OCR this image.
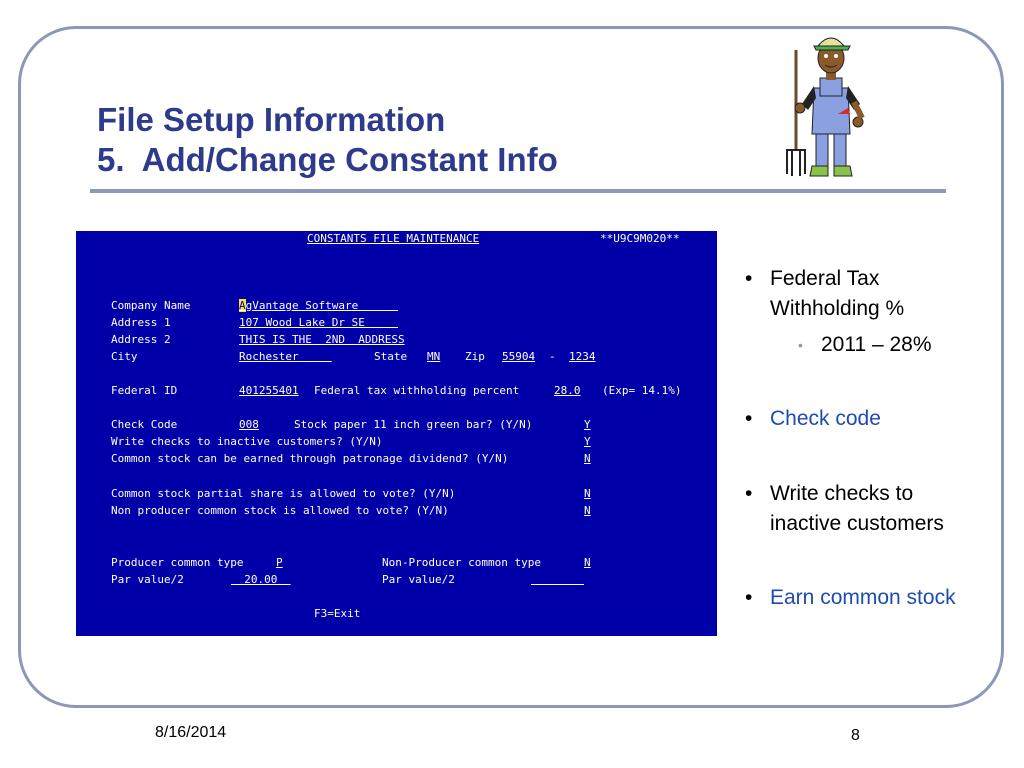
File Setup Information
5.  Add/Change Constant Info
CONSTANTS FILE MAINTENANCE	**U9C9M020**
Company Name	AgVantage Software
Address 1	107 Wood Lake Dr SE
Address 2	THIS IS THE  2ND  ADDRESS
City	Rochester	State MN Zip 55904 - 1234
Federal ID	401255401 Federal tax withholding percent	28.0 (Exp= 14.1%)
Check Code	008	Stock paper 11 inch green bar? (Y/N)	Y
Write checks to inactive customers? (Y/N)	Y
Common stock can be earned through patronage dividend? (Y/N)	N
Common stock partial share is allowed to vote? (Y/N)	N
Non producer common stock is allowed to vote? (Y/N)	N
Producer common type	P	Non-Producer common type	N
Par value/2	20.00	Par value/2

F3=Exit
• Federal Tax
Withholding %
• 2011 – 28%
• Check code
• Write checks to
inactive customers
• Earn common stock
8/16/2014	8
